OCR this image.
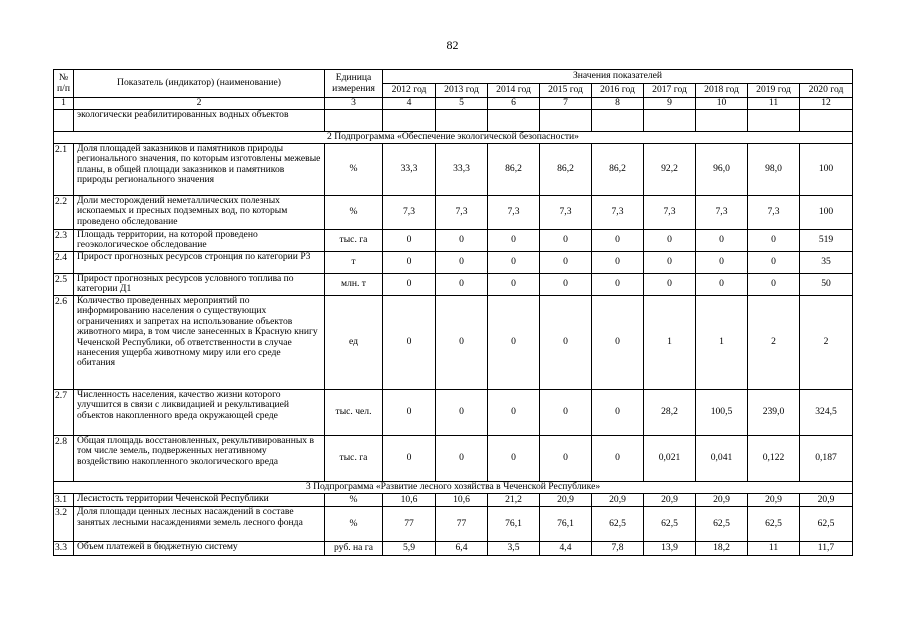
82
№ п/п	Показатель (индикатор) (наименование)	Единица измерения	Значения показателей								
			2012 год	2013 год	2014 год	2015 год	2016 год	2017 год	2018 год	2019 год	2020 год
1	2	3	4	5	6	7	8	9	10	11	12
	экологически реабилитированных водных объектов										
2 Подпрограмма «Обеспечение экологической безопасности»											
2.1	Доля площадей заказников и памятников природы регионального значения, по которым изготовлены межевые планы, в общей площади заказников и памятников природы регионального значения	%	33,3	33,3	86,2	86,2	86,2	92,2	96,0	98,0	100
2.2	Доли месторождений неметаллических полезных ископаемых и пресных подземных вод, по которым проведено обследование	%	7,3	7,3	7,3	7,3	7,3	7,3	7,3	7,3	100
2.3	Площадь территории, на которой проведено геоэкологическое обследование	тыс. га	0	0	0	0	0	0	0	0	519
2.4	Прирост прогнозных ресурсов стронция по категории Р3	т	0	0	0	0	0	0	0	0	35
2.5	Прирост прогнозных ресурсов условного топлива по категории Д1	млн. т	0	0	0	0	0	0	0	0	50
2.6	Количество проведенных мероприятий по информированию населения о существующих ограничениях и запретах на использование объектов животного мира, в том числе занесенных в Красную книгу Чеченской Республики, об ответственности в случае нанесения ущерба животному миру или его среде обитания	ед	0	0	0	0	0	1	1	2	2
2.7	Численность населения, качество жизни которого улучшится в связи с ликвидацией и рекультивацией объектов накопленного вреда окружающей среде	тыс. чел.	0	0	0	0	0	28,2	100,5	239,0	324,5
2.8	Общая площадь восстановленных, рекультивированных в том числе земель, подверженных негативному воздействию накопленного экологического вреда	тыс. га	0	0	0	0	0	0,021	0,041	0,122	0,187
3 Подпрограмма «Развитие лесного хозяйства в Чеченской Республике»											
3.1	Лесистость территории Чеченской Республики	%	10,6	10,6	21,2	20,9	20,9	20,9	20,9	20,9	20,9
3.2	Доля площади ценных лесных насаждений в составе занятых лесными насаждениями земель лесного фонда	%	77	77	76,1	76,1	62,5	62,5	62,5	62,5	62,5
3.3	Объем платежей в бюджетную систему	руб. на га	5,9	6,4	3,5	4,4	7,8	13,9	18,2	11	11,7
